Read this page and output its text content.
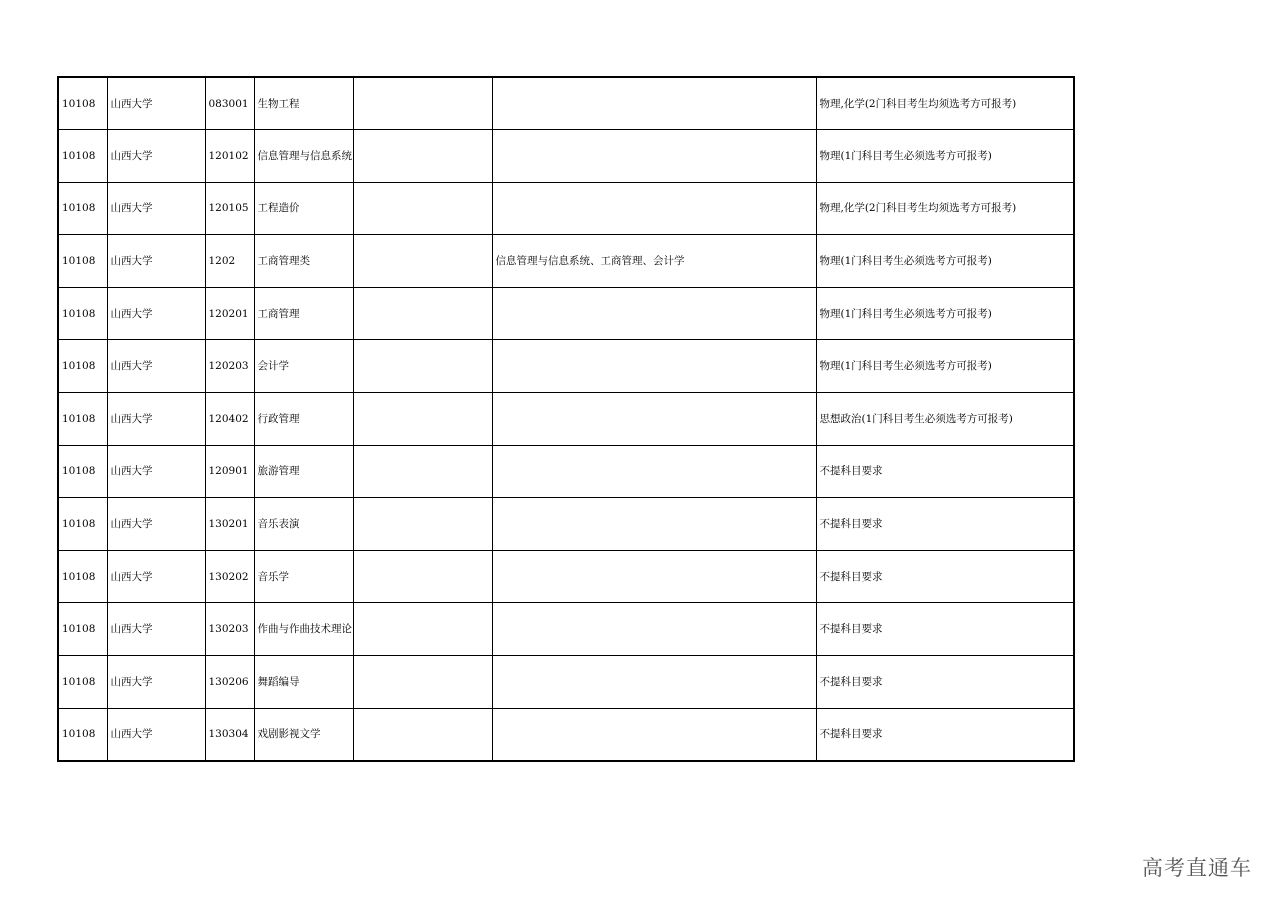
10108	山西大学	083001	生物工程			物理,化学(2门科目考生均须选考方可报考)
10108	山西大学	120102	信息管理与信息系统			物理(1门科目考生必须选考方可报考)
10108	山西大学	120105	工程造价			物理,化学(2门科目考生均须选考方可报考)
10108	山西大学	1202	工商管理类		信息管理与信息系统、工商管理、会计学	物理(1门科目考生必须选考方可报考)
10108	山西大学	120201	工商管理			物理(1门科目考生必须选考方可报考)
10108	山西大学	120203	会计学			物理(1门科目考生必须选考方可报考)
10108	山西大学	120402	行政管理			思想政治(1门科目考生必须选考方可报考)
10108	山西大学	120901	旅游管理			不提科目要求
10108	山西大学	130201	音乐表演			不提科目要求
10108	山西大学	130202	音乐学			不提科目要求
10108	山西大学	130203	作曲与作曲技术理论			不提科目要求
10108	山西大学	130206	舞蹈编导			不提科目要求
10108	山西大学	130304	戏剧影视文学			不提科目要求
高考直通车
